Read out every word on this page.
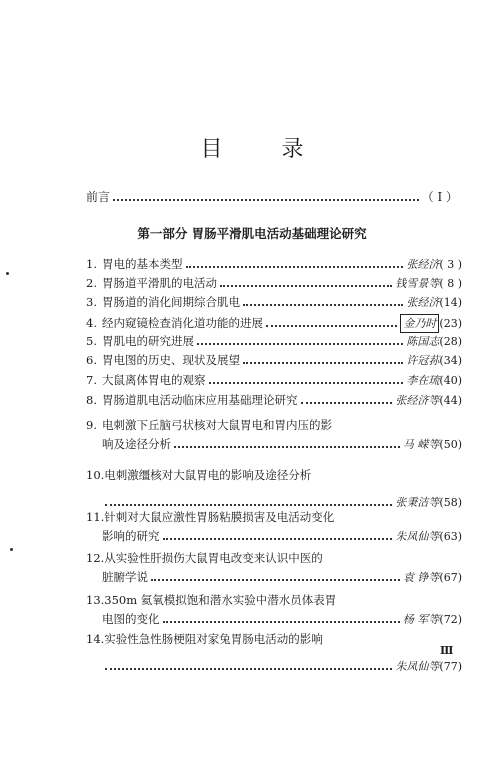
目 录
前言	（ Ⅰ ）
第一部分 胃肠平滑肌电活动基础理论研究
1. 胃电的基本类型	张经济 ( 3 )
2. 胃肠道平滑肌的电活动	钱雪景等 ( 8 )
3. 胃肠道的消化间期综合肌电	张经济 (14)
4. 经内窥镜检查消化道功能的进展	金乃时 (23)
5. 胃肌电的研究进展	陈国志 (28)
6. 胃电图的历史、现状及展望	许冠荪 (34)
7. 大鼠离体胃电的观察	李在琉 (40)
8. 胃肠道肌电活动临床应用基础理论研究	张经济等 (44)
9. 电刺激下丘脑弓状核对大鼠胃电和胃内压的影
响及途径分析	马 嵘等 (50)
10. 电刺激缰核对大鼠胃电的影响及途径分析
张秉洁等 (58)
11. 针刺对大鼠应激性胃肠粘膜损害及电活动变化
影响的研究	朱凤仙等 (63)
12. 从实验性肝损伤大鼠胃电改变来认识中医的
脏腑学说	袁 铮等 (67)
13. 350m 氦氧模拟饱和潜水实验中潜水员体表胃
电图的变化	杨 军等 (72)
14. 实验性急性肠梗阻对家兔胃肠电活动的影响
朱凤仙等 (77)
Ⅲ
